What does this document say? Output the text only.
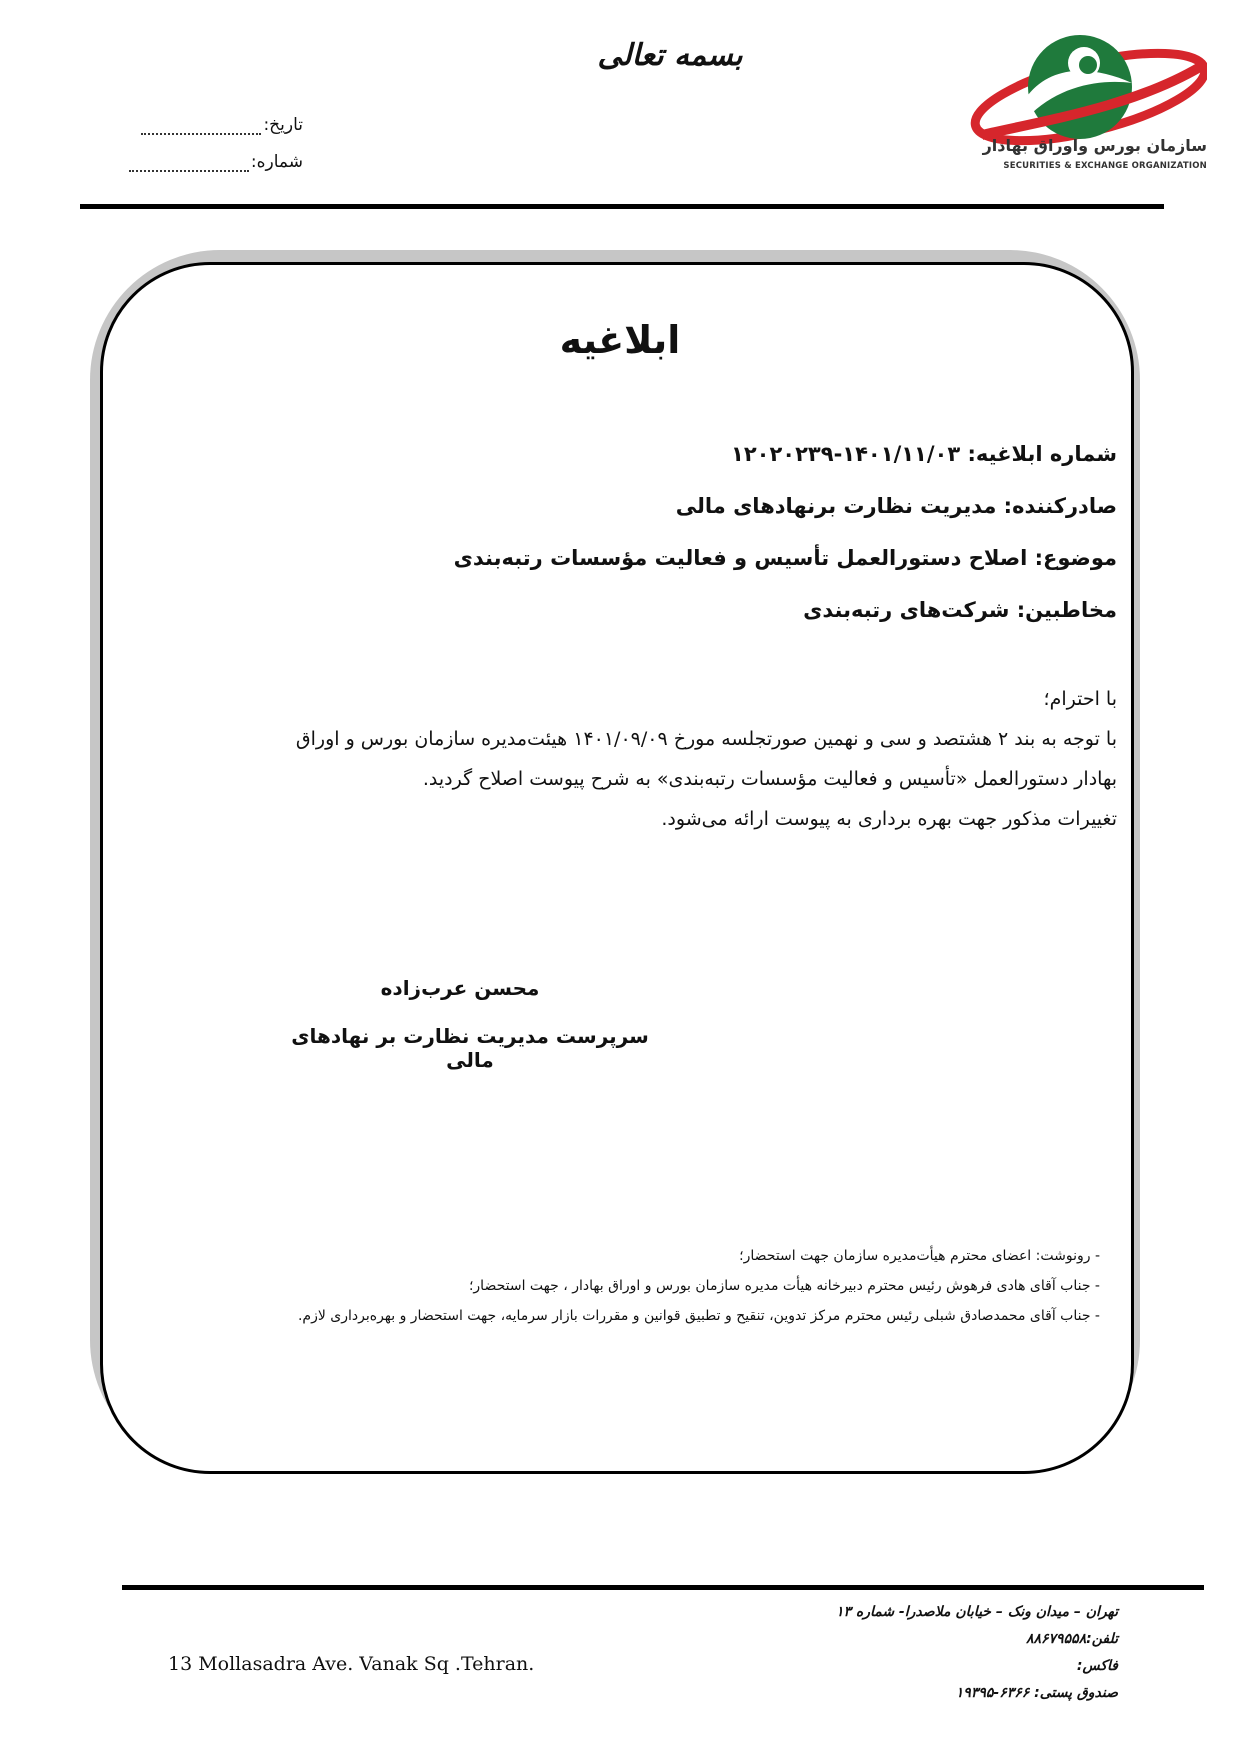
بسمه تعالی
تاریخ:
شماره:
سازمان بورس واوراق بهادار
SECURITIES & EXCHANGE ORGANIZATION
ابلاغیه
شماره ابلاغیه: ۱۴۰۱/۱۱/۰۳-۱۲۰۲۰۲۳۹
صادرکننده: مدیریت نظارت برنهادهای مالی
موضوع: اصلاح دستورالعمل تأسیس و فعالیت مؤسسات رتبه‌بندی
مخاطبین: شرکت‌های رتبه‌بندی
با احترام؛
با توجه به بند ۲ هشتصد و سی و نهمین صورتجلسه مورخ ۱۴۰۱/۰۹/۰۹ هیئت‌مدیره سازمان بورس و اوراق
بهادار دستورالعمل «تأسیس و فعالیت مؤسسات رتبه‌بندی» به شرح پیوست اصلاح گردید.
تغییرات مذکور جهت بهره برداری به پیوست ارائه می‌شود.
محسن عرب‌زاده
سرپرست مدیریت نظارت بر نهادهای مالی
- رونوشت: اعضای محترم هیأت‌مدیره سازمان جهت استحضار؛
- جناب آقای هادی فرهوش رئیس محترم دبیرخانه هیأت مدیره سازمان بورس و اوراق بهادار ، جهت استحضار؛
- جناب آقای محمدصادق شبلی رئیس محترم مرکز تدوین، تنقیح و تطبیق قوانین و مقررات بازار سرمایه، جهت استحضار و بهره‌برداری لازم.
تهران – میدان ونک – خیابان ملاصدرا- شماره ۱۳
تلفن:۸۸۶۷۹۵۵۸
فاکس:
صندوق پستی: ۶۳۶۶-۱۹۳۹۵
13 Mollasadra Ave. Vanak Sq .Tehran.
